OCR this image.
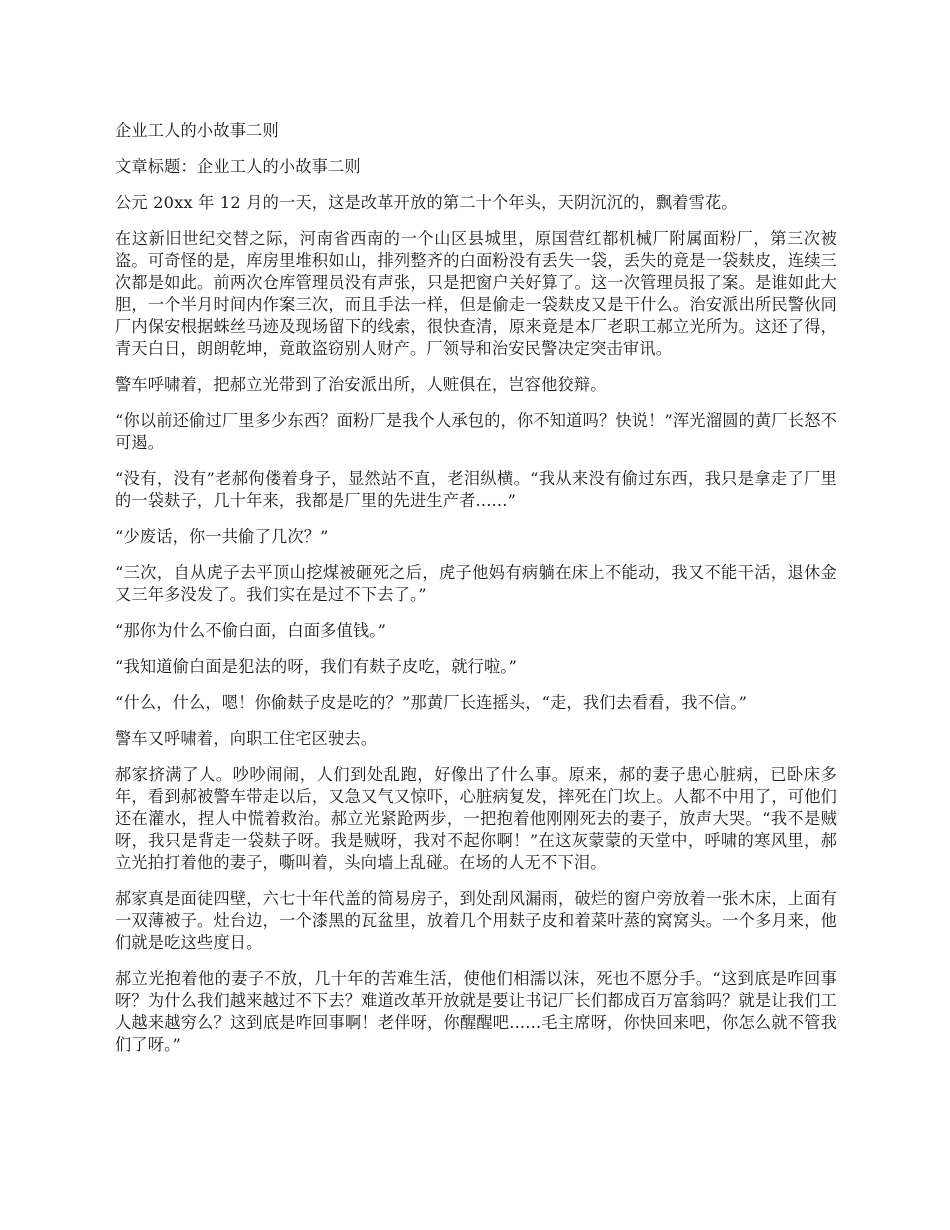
企业工人的小故事二则

文章标题：企业工人的小故事二则

公元 20xx 年 12 月的一天，这是改革开放的第二十个年头，天阴沉沉的，飘着雪花。

在这新旧世纪交替之际，河南省西南的一个山区县城里，原国营红都机械厂附属面粉厂，第三次被盗。可奇怪的是，库房里堆积如山，排列整齐的白面粉没有丢失一袋，丢失的竟是一袋麸皮，连续三次都是如此。前两次仓库管理员没有声张，只是把窗户关好算了。这一次管理员报了案。是谁如此大胆，一个半月时间内作案三次，而且手法一样，但是偷走一袋麸皮又是干什么。治安派出所民警伙同厂内保安根据蛛丝马迹及现场留下的线索，很快查清，原来竟是本厂老职工郝立光所为。这还了得，青天白日，朗朗乾坤，竟敢盗窃别人财产。厂领导和治安民警决定突击审讯。

警车呼啸着，把郝立光带到了治安派出所，人赃俱在，岂容他狡辩。

“你以前还偷过厂里多少东西？面粉厂是我个人承包的，你不知道吗？快说！”浑光溜圆的黄厂长怒不可遏。

“没有，没有”老郝佝偻着身子，显然站不直，老泪纵横。“我从来没有偷过东西，我只是拿走了厂里的一袋麸子，几十年来，我都是厂里的先进生产者......”

“少废话，你一共偷了几次？”

“三次，自从虎子去平顶山挖煤被砸死之后，虎子他妈有病躺在床上不能动，我又不能干活，退休金又三年多没发了。我们实在是过不下去了。”

“那你为什么不偷白面，白面多值钱。”

“我知道偷白面是犯法的呀，我们有麸子皮吃，就行啦。”

“什么，什么，嗯！你偷麸子皮是吃的？”那黄厂长连摇头，“走，我们去看看，我不信。”

警车又呼啸着，向职工住宅区驶去。

郝家挤满了人。吵吵闹闹，人们到处乱跑，好像出了什么事。原来，郝的妻子患心脏病，已卧床多年，看到郝被警车带走以后，又急又气又惊吓，心脏病复发，摔死在门坎上。人都不中用了，可他们还在灌水，捏人中慌着救治。郝立光紧跄两步，一把抱着他刚刚死去的妻子，放声大哭。“我不是贼呀，我只是背走一袋麸子呀。我是贼呀，我对不起你啊！”在这灰蒙蒙的天堂中，呼啸的寒风里，郝立光拍打着他的妻子，嘶叫着，头向墙上乱碰。在场的人无不下泪。

郝家真是面徒四壁，六七十年代盖的简易房子，到处刮风漏雨，破烂的窗户旁放着一张木床，上面有一双薄被子。灶台边，一个漆黑的瓦盆里，放着几个用麸子皮和着菜叶蒸的窝窝头。一个多月来，他们就是吃这些度日。

郝立光抱着他的妻子不放，几十年的苦难生活，使他们相濡以沫，死也不愿分手。“这到底是咋回事呀？为什么我们越来越过不下去？难道改革开放就是要让书记厂长们都成百万富翁吗？就是让我们工人越来越穷么？这到底是咋回事啊！老伴呀，你醒醒吧......毛主席呀，你快回来吧，你怎么就不管我们了呀。”
